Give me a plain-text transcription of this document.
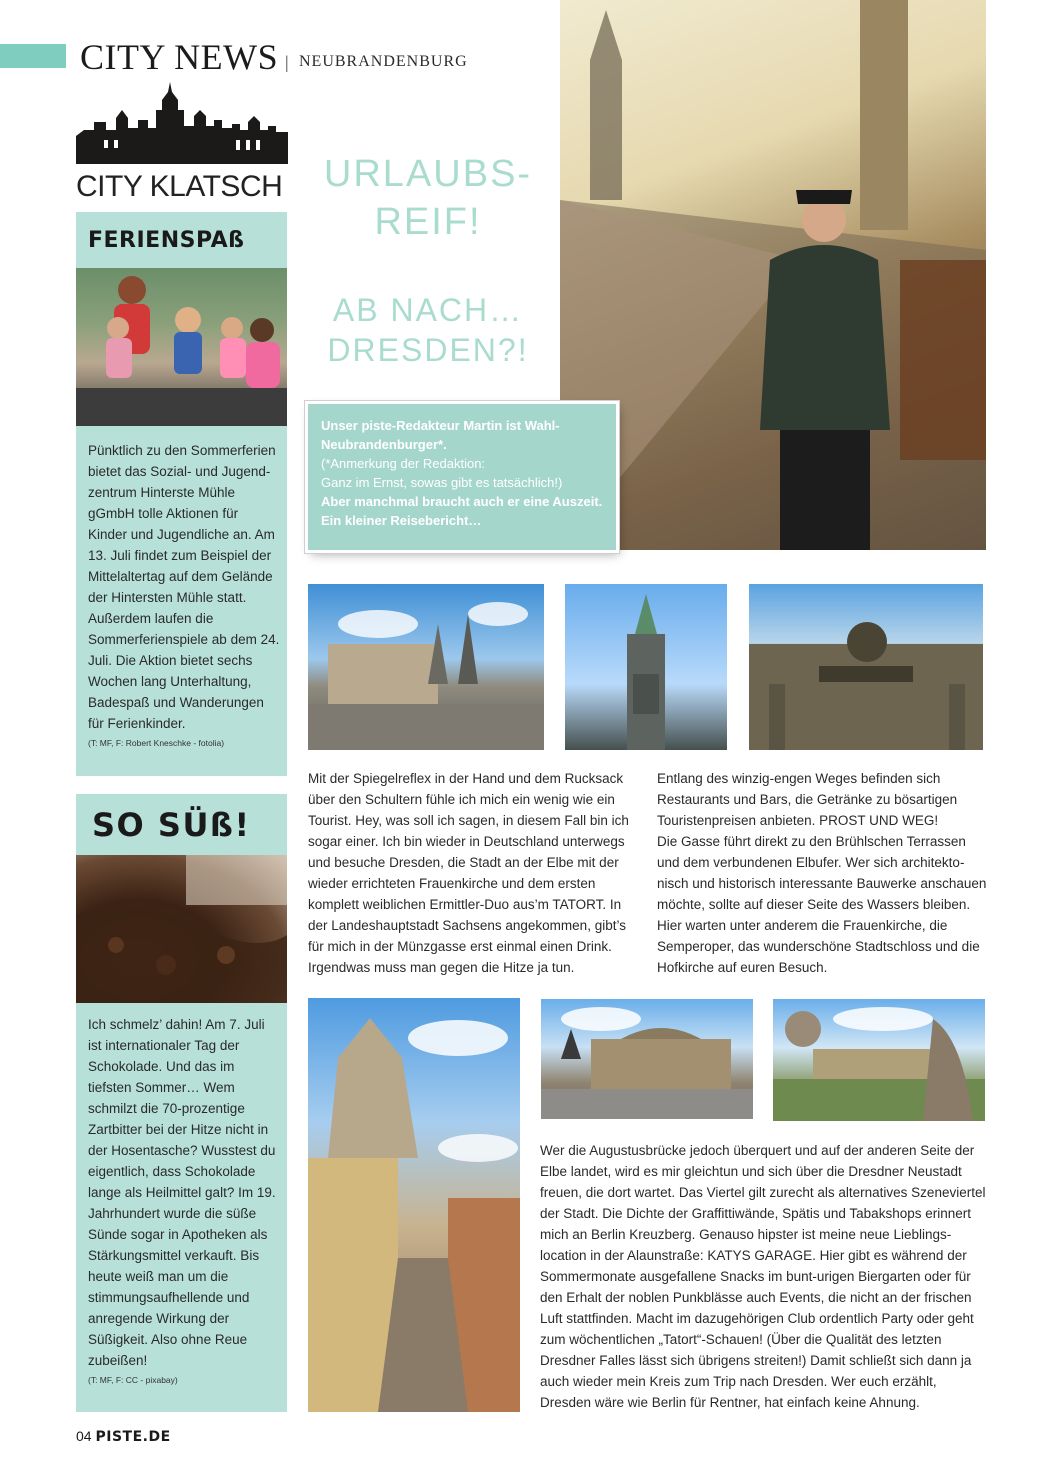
CITY NEWS | NEUBRANDENBURG
CITY KLATSCH
FERIENSPAß

Pünktlich zu den Sommerferien bietet das Sozial- und Jugendzentrum Hinterste Mühle gGmbH tolle Aktionen für Kinder und Jugendliche an. Am 13. Juli findet zum Beispiel der Mittelaltertag auf dem Gelände der Hintersten Mühle statt. Außerdem laufen die Sommerferienspiele ab dem 24. Juli. Die Aktion bietet sechs Wochen lang Unterhaltung, Badespaß und Wanderungen für Ferienkinder.

(T: MF, F: Robert Kneschke - fotolia)

SO SÜß!

Ich schmelz’ dahin! Am 7. Juli ist internationaler Tag der Schokolade. Und das im tiefsten Sommer… Wem schmilzt die 70-prozentige Zartbitter bei der Hitze nicht in der Hosentasche? Wusstest du eigentlich, dass Schokolade lange als Heilmittel galt? Im 19. Jahrhundert wurde die süße Sünde sogar in Apotheken als Stärkungsmittel verkauft. Bis heute weiß man um die stimmungsaufhellende und anregende Wirkung der Süßigkeit. Also ohne Reue zubeißen!

(T: MF, F: CC - pixabay)

URLAUBS-
REIF!
AB NACH…
DRESDEN?!
Unser piste-Redakteur Martin ist Wahl-Neubrandenburger*.
(*Anmerkung der Redaktion:
Ganz im Ernst, sowas gibt es tatsächlich!)
Aber manchmal braucht auch er eine Auszeit. Ein kleiner Reisebericht…

Mit der Spiegelreflex in der Hand und dem Rucksack über den Schultern fühle ich mich ein wenig wie ein Tourist. Hey, was soll ich sagen, in diesem Fall bin ich sogar einer. Ich bin wieder in Deutschland unterwegs und besuche Dresden, die Stadt an der Elbe mit der wieder errichteten Frauenkirche und dem ersten komplett weiblichen Ermittler-Duo aus’m TATORT. In der Landeshauptstadt Sachsens angekommen, gibt’s für mich in der Münzgasse erst einmal einen Drink. Irgendwas muss man gegen die Hitze ja tun.

Entlang des winzig-engen Weges befinden sich Restaurants und Bars, die Getränke zu bösartigen Touristenpreisen anbieten. PROST UND WEG!

Die Gasse führt direkt zu den Brühlschen Terrassen und dem verbundenen Elbufer. Wer sich architektonisch und historisch interessante Bauwerke anschauen möchte, sollte auf dieser Seite des Wassers bleiben. Hier warten unter anderem die Frauenkirche, die Semperoper, das wunderschöne Stadtschloss und die Hofkirche auf euren Besuch.

Wer die Augustusbrücke jedoch überquert und auf der anderen Seite der Elbe landet, wird es mir gleichtun und sich über die Dresdner Neustadt freuen, die dort wartet. Das Viertel gilt zurecht als alternatives Szeneviertel der Stadt. Die Dichte der Graffittiwände, Spätis und Tabakshops erinnert mich an Berlin Kreuzberg. Genauso hipster ist meine neue Lieblingslocation in der Alaunstraße: KATYS GARAGE. Hier gibt es während der Sommermonate ausgefallene Snacks im bunt-urigen Biergarten oder für den Erhalt der noblen Punkblässe auch Events, die nicht an der frischen Luft stattfinden. Macht im dazugehörigen Club ordentlich Party oder geht zum wöchentlichen „Tatort“-Schauen! (Über die Qualität des letzten Dresdner Falles lässt sich übrigens streiten!) Damit schließt sich dann ja auch wieder mein Kreis zum Trip nach Dresden. Wer euch erzählt, Dresden wäre wie Berlin für Rentner, hat einfach keine Ahnung.

04 PISTE.DE
